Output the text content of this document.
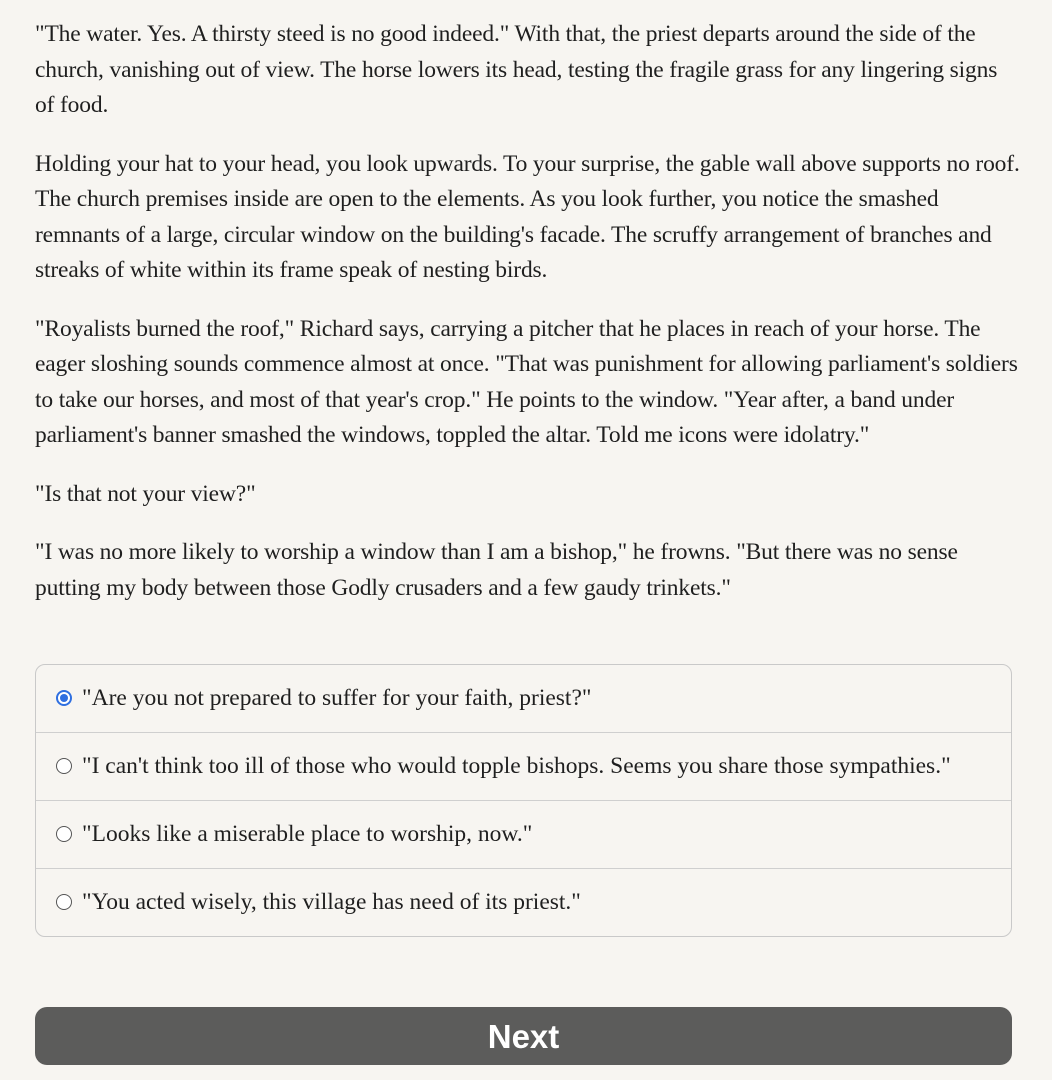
"The water. Yes. A thirsty steed is no good indeed." With that, the priest departs around the side of the church, vanishing out of view. The horse lowers its head, testing the fragile grass for any lingering signs of food.

Holding your hat to your head, you look upwards. To your surprise, the gable wall above supports no roof. The church premises inside are open to the elements. As you look further, you notice the smashed remnants of a large, circular window on the building's facade. The scruffy arrangement of branches and streaks of white within its frame speak of nesting birds.

"Royalists burned the roof," Richard says, carrying a pitcher that he places in reach of your horse. The eager sloshing sounds commence almost at once. "That was punishment for allowing parliament's soldiers to take our horses, and most of that year's crop." He points to the window. "Year after, a band under parliament's banner smashed the windows, toppled the altar. Told me icons were idolatry."

"Is that not your view?"

"I was no more likely to worship a window than I am a bishop," he frowns. "But there was no sense putting my body between those Godly crusaders and a few gaudy trinkets."

"Are you not prepared to suffer for your faith, priest?"
"I can't think too ill of those who would topple bishops. Seems you share those sympathies."
"Looks like a miserable place to worship, now."
"You acted wisely, this village has need of its priest."
Next
